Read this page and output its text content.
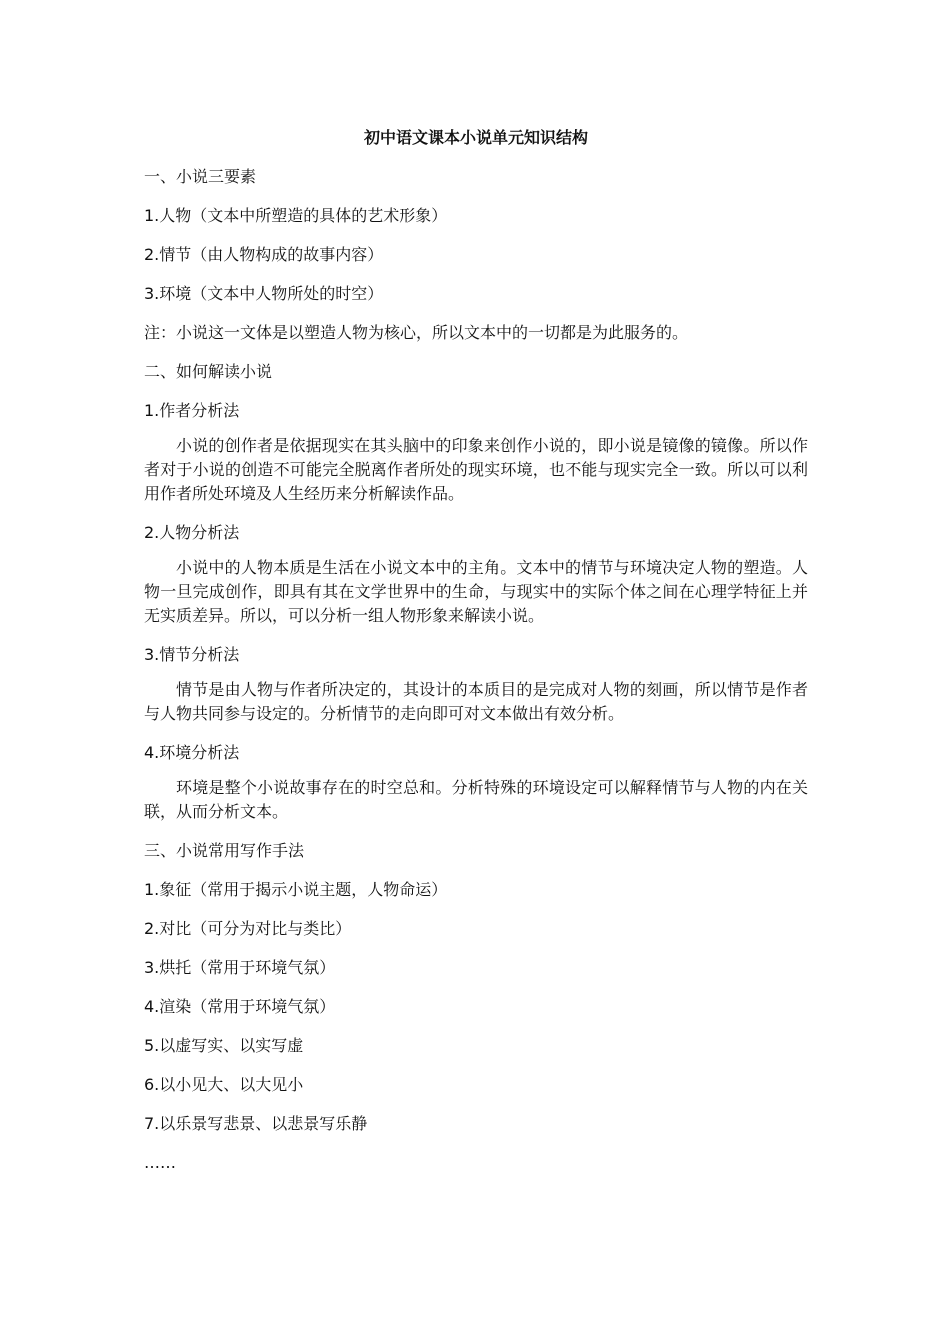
初中语文课本小说单元知识结构
一、小说三要素
1.人物（文本中所塑造的具体的艺术形象）
2.情节（由人物构成的故事内容）
3.环境（文本中人物所处的时空）
注：小说这一文体是以塑造人物为核心，所以文本中的一切都是为此服务的。
二、如何解读小说
1.作者分析法
小说的创作者是依据现实在其头脑中的印象来创作小说的，即小说是镜像的镜像。所以作者对于小说的创造不可能完全脱离作者所处的现实环境，也不能与现实完全一致。所以可以利用作者所处环境及人生经历来分析解读作品。
2.人物分析法
小说中的人物本质是生活在小说文本中的主角。文本中的情节与环境决定人物的塑造。人物一旦完成创作，即具有其在文学世界中的生命，与现实中的实际个体之间在心理学特征上并无实质差异。所以，可以分析一组人物形象来解读小说。
3.情节分析法
情节是由人物与作者所决定的，其设计的本质目的是完成对人物的刻画，所以情节是作者与人物共同参与设定的。分析情节的走向即可对文本做出有效分析。
4.环境分析法
环境是整个小说故事存在的时空总和。分析特殊的环境设定可以解释情节与人物的内在关联，从而分析文本。
三、小说常用写作手法
1.象征（常用于揭示小说主题，人物命运）
2.对比（可分为对比与类比）
3.烘托（常用于环境气氛）
4.渲染（常用于环境气氛）
5.以虚写实、以实写虚
6.以小见大、以大见小
7.以乐景写悲景、以悲景写乐静
……
